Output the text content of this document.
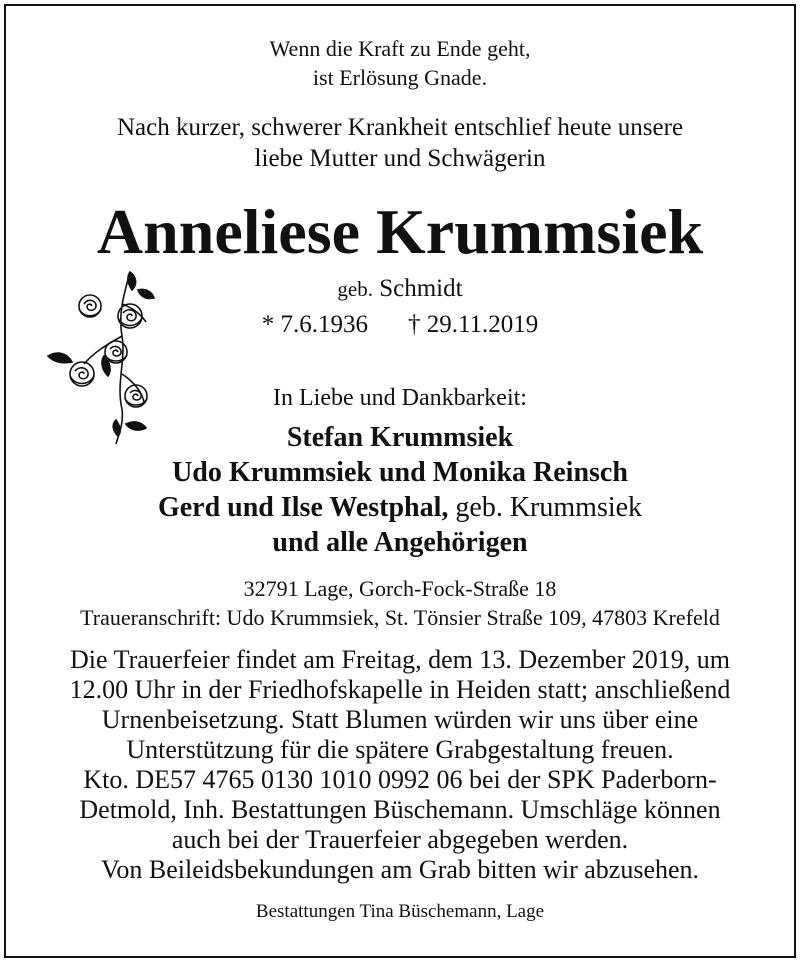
Wenn die Kraft zu Ende geht,
ist Erlösung Gnade.
Nach kurzer, schwerer Krankheit entschlief heute unsere
liebe Mutter und Schwägerin
Anneliese Krummsiek
geb. Schmidt
* 7.6.1936 † 29.11.2019
In Liebe und Dankbarkeit:
Stefan Krummsiek
Udo Krummsiek und Monika Reinsch
Gerd und Ilse Westphal, geb. Krummsiek
und alle Angehörigen
32791 Lage, Gorch-Fock-Straße 18
Traueranschrift: Udo Krummsiek, St. Tönsier Straße 109, 47803 Krefeld
Die Trauerfeier findet am Freitag, dem 13. Dezember 2019, um
12.00 Uhr in der Friedhofskapelle in Heiden statt; anschließend
Urnenbeisetzung. Statt Blumen würden wir uns über eine
Unterstützung für die spätere Grabgestaltung freuen.
Kto. DE57 4765 0130 1010 0992 06 bei der SPK Paderborn-
Detmold, Inh. Bestattungen Büschemann. Umschläge können
auch bei der Trauerfeier abgegeben werden.
Von Beileidsbekundungen am Grab bitten wir abzusehen.
Bestattungen Tina Büschemann, Lage
